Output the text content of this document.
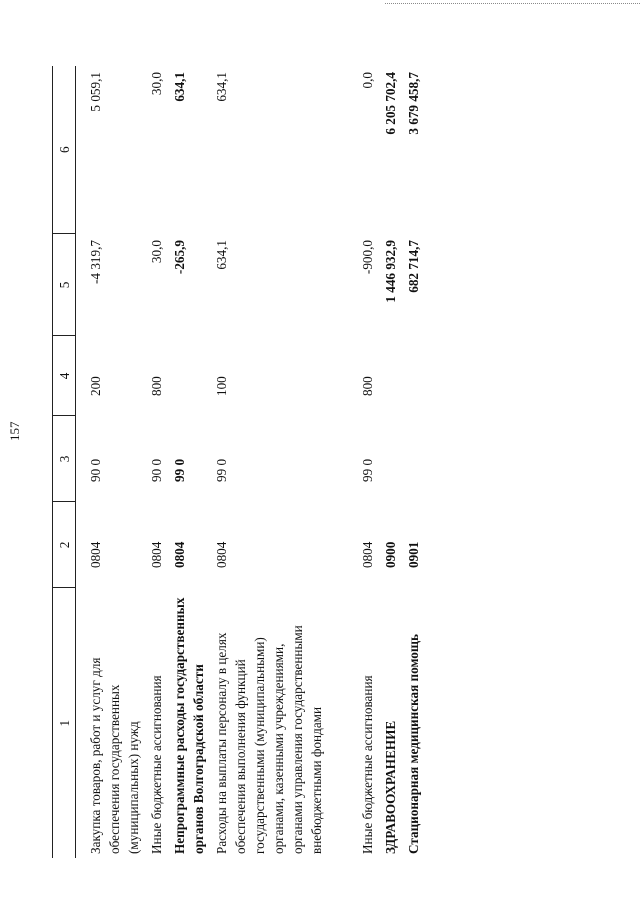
157
1	2	3	4	5	6
Закупка товаров, работ и услуг для обеспечения государственных (муниципальных) нужд	0804	90 0	200	-4 319,7	5 059,1
Иные бюджетные ассигнования	0804	90 0	800	30,0	30,0
Непрограммные расходы государственных органов Волгоградской области	0804	99 0		-265,9	634,1
Расходы на выплаты персоналу в целях обеспечения выполнения функций государственными (муниципальными) органами, казенными учреждениями, органами управления государственными внебюджетными фондами	0804	99 0	100	634,1	634,1
Иные бюджетные ассигнования	0804	99 0	800	-900,0	0,0
ЗДРАВООХРАНЕНИЕ	0900			1 446 932,9	6 205 702,4
Стационарная медицинская помощь	0901			682 714,7	3 679 458,7
